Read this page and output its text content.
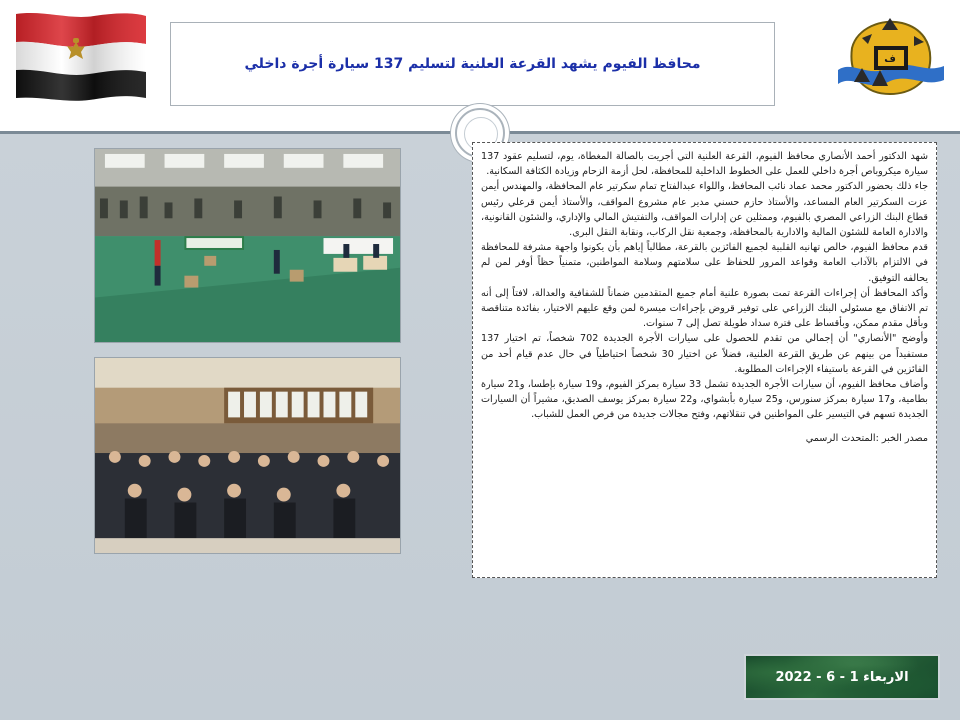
ف
محافظ الفيوم يشهد القرعة العلنية لتسليم 137 سيارة أجرة داخلي

شهد الدكتور أحمد الأنصاري محافظ الفيوم، القرعة العلنية التي أجريت بالصالة المغطاة، يوم، لتسليم عقود 137 سيارة ميكروباص أجرة داخلي للعمل على الخطوط الداخلية للمحافظة، لحل أزمة الزحام وزيادة الكثافة السكانية.

جاء ذلك بحضور الدكتور محمد عماد نائب المحافظ، واللواء عبدالفتاح تمام سكرتير عام المحافظة، والمهندس أيمن عزت السكرتير العام المساعد، والأستاذ حازم حسني مدير عام مشروع المواقف، والأستاذ أيمن قرعلي رئيس قطاع البنك الزراعي المصري بالفيوم، وممثلين عن إدارات المواقف، والتفتيش المالي والإداري، والشئون القانونية، والادارة العامة للشئون المالية والادارية بالمحافظة، وجمعية نقل الركاب، ونقابة النقل البرى.

قدم محافظ الفيوم، خالص تهانيه القلبية لجميع الفائزين بالقرعة، مطالباً إياهم بأن يكونوا واجهة مشرفة للمحافظة في الالتزام بالآداب العامة وقواعد المرور للحفاظ على سلامتهم وسلامة المواطنين، متمنياً حظاً أوفر لمن لم يحالفه التوفيق.

وأكد المحافظ أن إجراءات القرعة تمت بصورة علنية أمام جميع المتقدمين ضماناً للشفافية والعدالة، لافتاً إلى أنه تم الاتفاق مع مسئولي البنك الزراعي على توفير قروض بإجراءات ميسرة لمن وقع عليهم الاختيار، بفائدة متناقصة وبأقل مقدم ممكن، وبأقساط على فترة سداد طويلة تصل إلى 7 سنوات.

وأوضح "الأنصاري" أن إجمالي من تقدم للحصول على سيارات الأجرة الجديدة 702 شخصاً، تم اختيار 137 مستفيداً من بينهم عن طريق القرعة العلنية، فضلاً عن اختيار 30 شخصاً احتياطياً في حال عدم قيام أحد من الفائزين في القرعة باستيفاء الإجراءات المطلوبة.

وأضاف محافظ الفيوم، أن سيارات الأجرة الجديدة تشمل 33 سيارة بمركز الفيوم، و19 سيارة بإطسا، و21 سيارة بطامية، و17 سيارة بمركز سنورس، و25 سيارة بأبشواي، و22 سيارة بمركز يوسف الصديق، مشيراً أن السيارات الجديدة تسهم في التيسير على المواطنين في تنقلاتهم، وفتح مجالات جديدة من فرص العمل للشباب.

مصدر الخبر :المتحدث الرسمي

الاربعاء 1 - 6 - 2022
